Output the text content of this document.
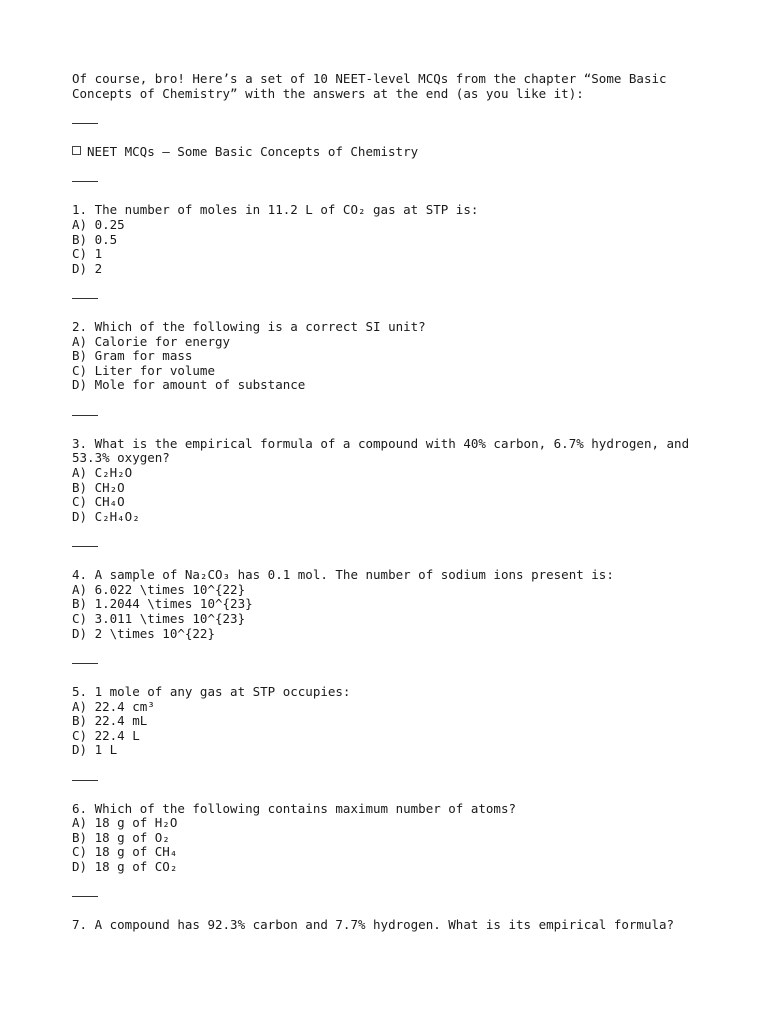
Of course, bro! Here’s a set of 10 NEET-level MCQs from the chapter “Some Basic
Concepts of Chemistry” with the answers at the end (as you like it):
NEET MCQs – Some Basic Concepts of Chemistry
1. The number of moles in 11.2 L of CO₂ gas at STP is:
A) 0.25
B) 0.5
C) 1
D) 2
2. Which of the following is a correct SI unit?
A) Calorie for energy
B) Gram for mass
C) Liter for volume
D) Mole for amount of substance
3. What is the empirical formula of a compound with 40% carbon, 6.7% hydrogen, and
53.3% oxygen?
A) C₂H₂O
B) CH₂O
C) CH₄O
D) C₂H₄O₂
4. A sample of Na₂CO₃ has 0.1 mol. The number of sodium ions present is:
A) 6.022 \times 10^{22}
B) 1.2044 \times 10^{23}
C) 3.011 \times 10^{23}
D) 2 \times 10^{22}
5. 1 mole of any gas at STP occupies:
A) 22.4 cm³
B) 22.4 mL
C) 22.4 L
D) 1 L
6. Which of the following contains maximum number of atoms?
A) 18 g of H₂O
B) 18 g of O₂
C) 18 g of CH₄
D) 18 g of CO₂
7. A compound has 92.3% carbon and 7.7% hydrogen. What is its empirical formula?
